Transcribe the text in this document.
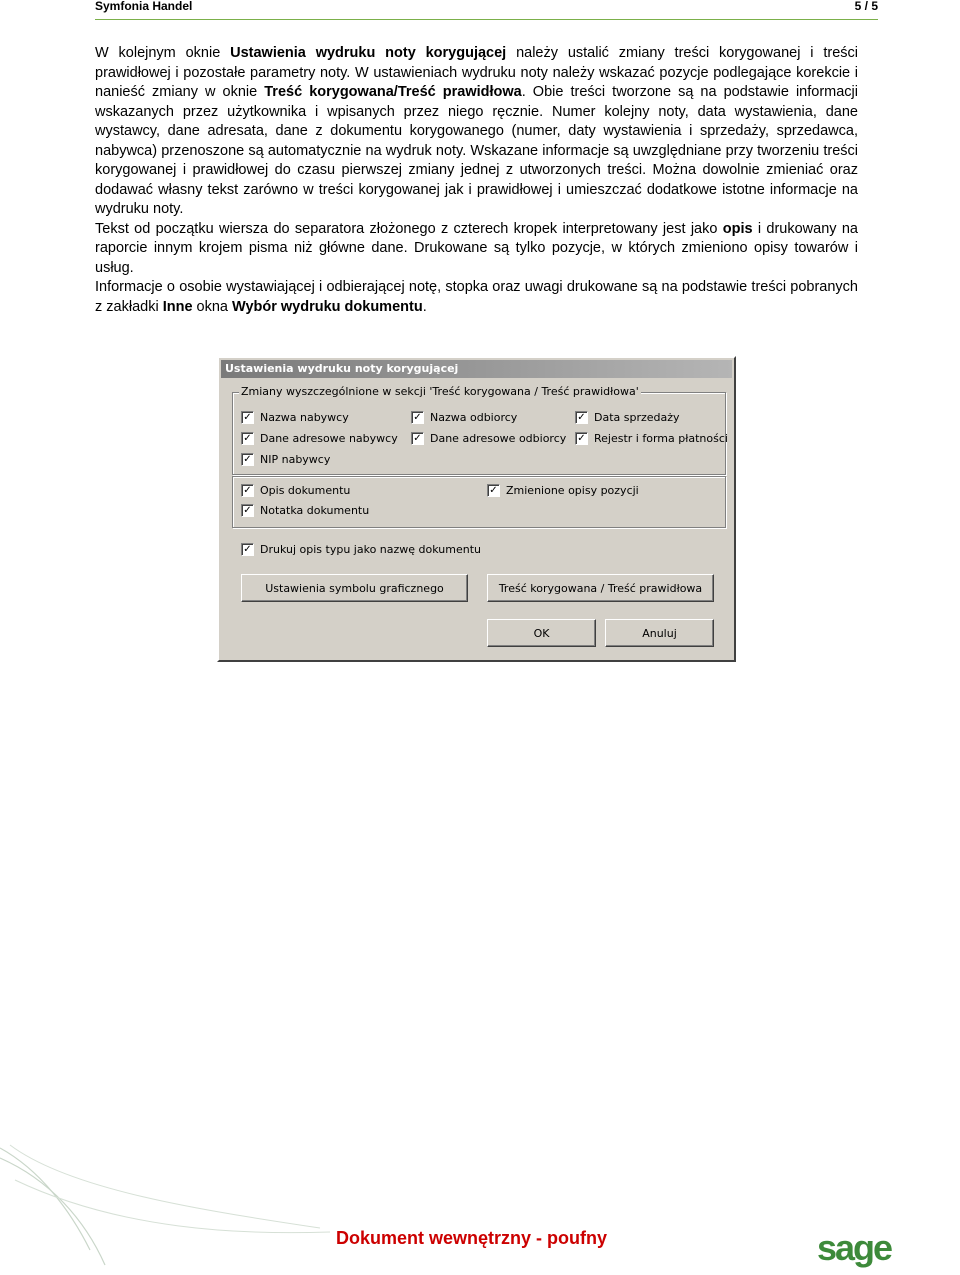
Symfonia Handel	5 / 5

W kolejnym oknie Ustawienia wydruku noty korygującej należy ustalić zmiany treści korygowanej i treści prawidłowej i pozostałe parametry noty. W ustawieniach wydruku noty należy wskazać pozycje podlegające korekcie i nanieść zmiany w oknie Treść korygowana/Treść prawidłowa. Obie treści tworzone są na podstawie informacji wskazanych przez użytkownika i wpisanych przez niego ręcznie. Numer kolejny noty, data wystawienia, dane wystawcy, dane adresata, dane z dokumentu korygowanego (numer, daty wystawienia i sprzedaży, sprzedawca, nabywca) przenoszone są automatycznie na wydruk noty. Wskazane informacje są uwzględniane przy tworzeniu treści korygowanej i prawidłowej do czasu pierwszej zmiany jednej z utworzonych treści. Można dowolnie zmieniać oraz dodawać własny tekst zarówno w treści korygowanej jak i prawidłowej i umieszczać dodatkowe istotne informacje na wydruku noty.

Tekst od początku wiersza do separatora złożonego z czterech kropek interpretowany jest jako opis i drukowany na raporcie innym krojem pisma niż główne dane. Drukowane są tylko pozycje, w których zmieniono opisy towarów i usług.

Informacje o osobie wystawiającej i odbierającej notę, stopka oraz uwagi drukowane są na podstawie treści pobranych z zakładki Inne okna Wybór wydruku dokumentu.

Ustawienia wydruku noty korygującej
Zmiany wyszczególnione w sekcji 'Treść korygowana / Treść prawidłowa'
✓ Nazwa nabywcy	✓ Nazwa odbiorcy	✓ Data sprzedaży
✓ Dane adresowe nabywcy ✓ Dane adresowe odbiorcy ✓ Rejestr i forma płatności
✓ NIP nabywcy
✓ Opis dokumentu	✓ Zmienione opisy pozycji
✓ Notatka dokumentu
✓ Drukuj opis typu jako nazwę dokumentu
Ustawienia symbolu graficznego	Treść korygowana / Treść prawidłowa
OK	Anuluj
Dokument wewnętrzny - poufny	sage
